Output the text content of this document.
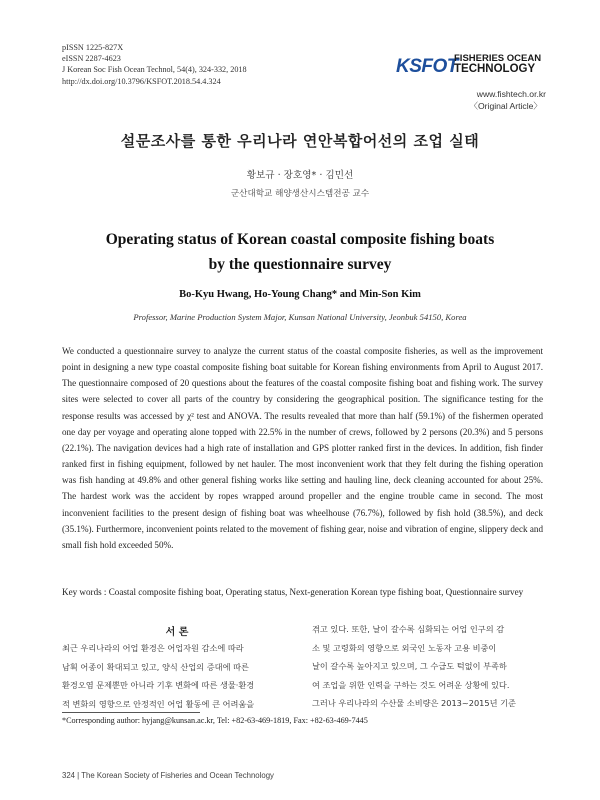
pISSN 1225-827X
eISSN 2287-4623
J Korean Soc Fish Ocean Technol, 54(4), 324-332, 2018
http://dx.doi.org/10.3796/KSFOT.2018.54.4.324
KSFOT
FISHERIES OCEAN
TECHNOLOGY
www.fishtech.or.kr
〈Original Article〉
설문조사를 통한 우리나라 연안복합어선의 조업 실태
황보규 · 장호영* · 김민선
군산대학교 해양생산시스템전공 교수
Operating status of Korean coastal composite fishing boats
by the questionnaire survey
Bo-Kyu Hwang, Ho-Young Chang* and Min-Son Kim
Professor, Marine Production System Major, Kunsan National University, Jeonbuk 54150, Korea
We conducted a questionnaire survey to analyze the current status of the coastal composite fisheries, as well as the improvement point in designing a new type coastal composite fishing boat suitable for Korean fishing environments from April to August 2017. The questionnaire composed of 20 questions about the features of the coastal composite fishing boat and fishing work. The survey sites were selected to cover all parts of the country by considering the geographical position. The significance testing for the response results was accessed by χ² test and ANOVA. The results revealed that more than half (59.1%) of the fishermen operated one day per voyage and operating alone topped with 22.5% in the number of crews, followed by 2 persons (20.3%) and 5 persons (22.1%). The navigation devices had a high rate of installation and GPS plotter ranked first in the devices. In addition, fish finder ranked first in fishing equipment, followed by net hauler. The most inconvenient work that they felt during the fishing operation was fish handing at 49.8% and other general fishing works like setting and hauling line, deck cleaning accounted for about 25%. The hardest work was the accident by ropes wrapped around propeller and the engine trouble came in second. The most inconvenient facilities to the present design of fishing boat was wheelhouse (76.7%), followed by fish hold (38.5%), and deck (35.1%). Furthermore, inconvenient points related to the movement of fishing gear, noise and vibration of engine, slippery deck and small fish hold exceeded 50%.
Key words : Coastal composite fishing boat, Operating status, Next-generation Korean type fishing boat, Questionnaire survey
서 론
최근 우리나라의 어업 환경은 어업자원 감소에 따라
남획 어종이 확대되고 있고, 양식 산업의 증대에 따른
환경오염 문제뿐만 아니라 기후 변화에 따른 생물·환경
적 변화의 영향으로 안정적인 어업 활동에 큰 어려움을
겪고 있다. 또한, 날이 갈수록 심화되는 어업 인구의 감
소 및 고령화의 영향으로 외국인 노동자 고용 비중이
날이 갈수록 높아지고 있으며, 그 수급도 턱없이 부족하
여 조업을 위한 인력을 구하는 것도 어려운 상황에 있다.
그러나 우리나라의 수산물 소비량은 2013~2015년 기준
*Corresponding author: hyjang@kunsan.ac.kr, Tel: +82-63-469-1819, Fax: +82-63-469-7445
324 | The Korean Society of Fisheries and Ocean Technology
